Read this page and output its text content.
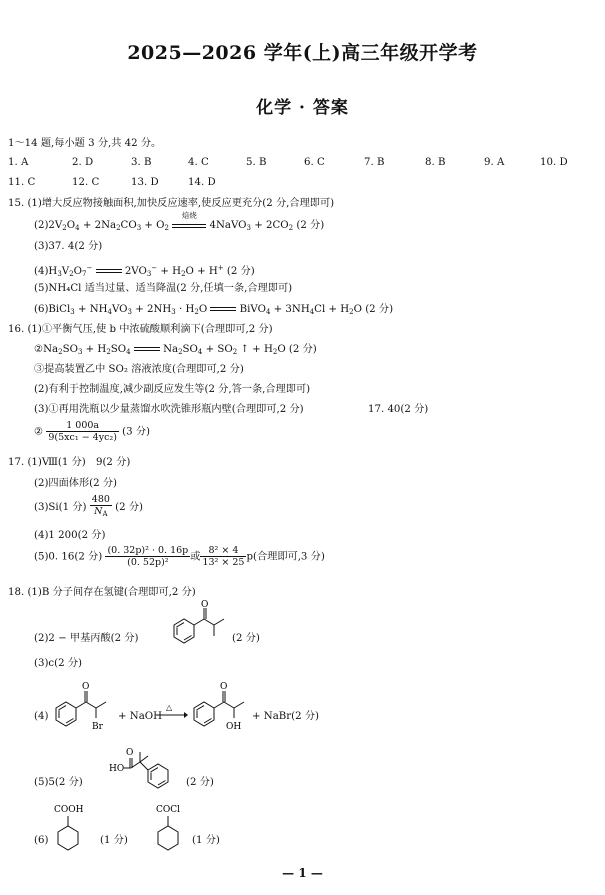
2025—2026 学年(上)高三年级开学考
化学 · 答案
1～14 题,每小题 3 分,共 42 分。
1. A	2. D	3. B	4. C	5. B	6. C	7. B	8. B	9. A	10. D
11. C	12. C	13. D	14. D
15. (1)增大反应物接触面积,加快反应速率,使反应更充分(2 分,合理即可)
$(2)2V_2O_4 + 2Na_2CO_3 + O_2$
焙烧
4NaVO$_3$ + $2CO_2$ (2 分)
(3)37. 4(2 分)
$(4)H_3V_2O_7^-$	$2VO_3^- + H_2O + H^+$ (2 分)
(5)NH₄Cl 适当过量、适当降温(2 分,任填一条,合理即可)
(6)BiCl$_3$ + $NH_4VO_3 + 2NH_3 \cdot H_2O$	BiVO$_4$ + $3NH_4Cl + H_2O$ (2 分)
16. (1)①平衡气压,使 b 中浓硫酸顺利滴下(合理即可,2 分)
$②Na_2SO_3 + H_2SO_4$	$Na_2SO_4 + SO_2$ ↑ + $H_2O$ (2 分)
③提高装置乙中 SO₂ 溶液浓度(合理即可,2 分)
(2)有利于控制温度,减少副反应发生等(2 分,答一条,合理即可)
(3)①再用洗瓶以少量蒸馏水吹洗锥形瓶内壁(合理即可,2 分)	17. 40(2 分)
② $\frac{1 000a}{\text{9(5xc₁ − 4yc₂)}} (3$ 分)
17. (1)Ⅷ(1 分)　9(2 分)
(2)四面体形(2 分)
(3)Si(1 分) $\frac{480}{N_A} (2$ 分)
(4)1 200(2 分)
(5)0. 16(2 分) $\frac{\text{(0. 32p)² · 0. 16p}}{\text{(0. 52p)²}}$ 或 $\frac{\text{8² × 4}}{\text{13² × 25}} p$(合理即可,3 分)
18. (1)B 分子间存在氢键(合理即可,2 分)
(2)2 − 甲基丙酸(2 分)
O
(2 分)
(3)c(2 分)
(4)
O
Br
+ NaOH
△
O
OH
+ NaBr(2 分)
(5)5(2 分)
O
HO
(2 分)
(6)
COOH
(1 分)
COCl
(1 分)
— 1 —
